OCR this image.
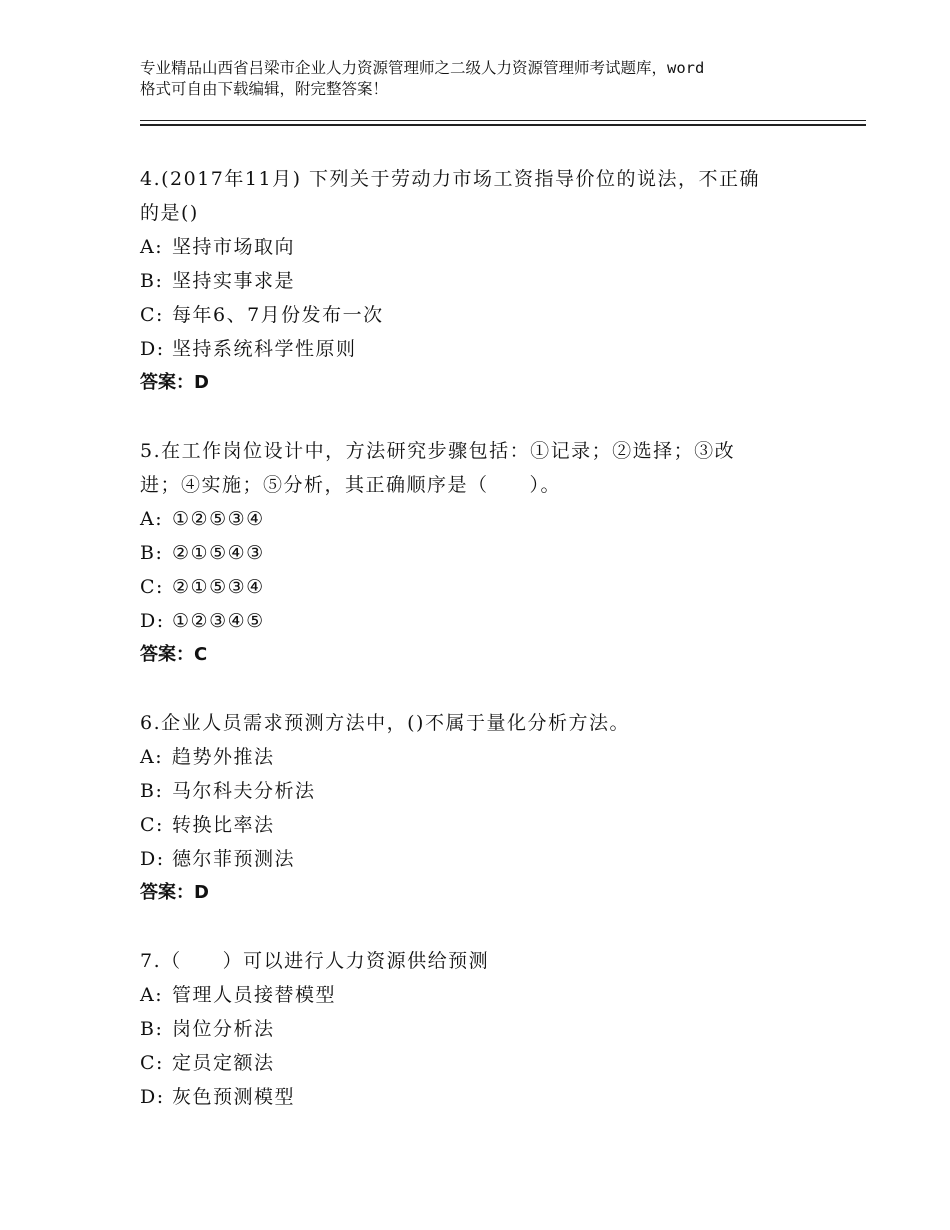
专业精品山西省吕梁市企业人力资源管理师之二级人力资源管理师考试题库，word
格式可自由下载编辑，附完整答案！
4.(2017年11月) 下列关于劳动力市场工资指导价位的说法，不正确
的是()
A: 坚持市场取向
B: 坚持实事求是
C: 每年6、7月份发布一次
D: 坚持系统科学性原则
答案：D
5.在工作岗位设计中，方法研究步骤包括：①记录；②选择；③改
进；④实施；⑤分析，其正确顺序是（　　）。
A: ①②⑤③④
B: ②①⑤④③
C: ②①⑤③④
D: ①②③④⑤
答案：C
6.企业人员需求预测方法中，()不属于量化分析方法。
A: 趋势外推法
B: 马尔科夫分析法
C: 转换比率法
D: 德尔菲预测法
答案：D
7.（　　）可以进行人力资源供给预测
A: 管理人员接替模型
B: 岗位分析法
C: 定员定额法
D: 灰色预测模型
